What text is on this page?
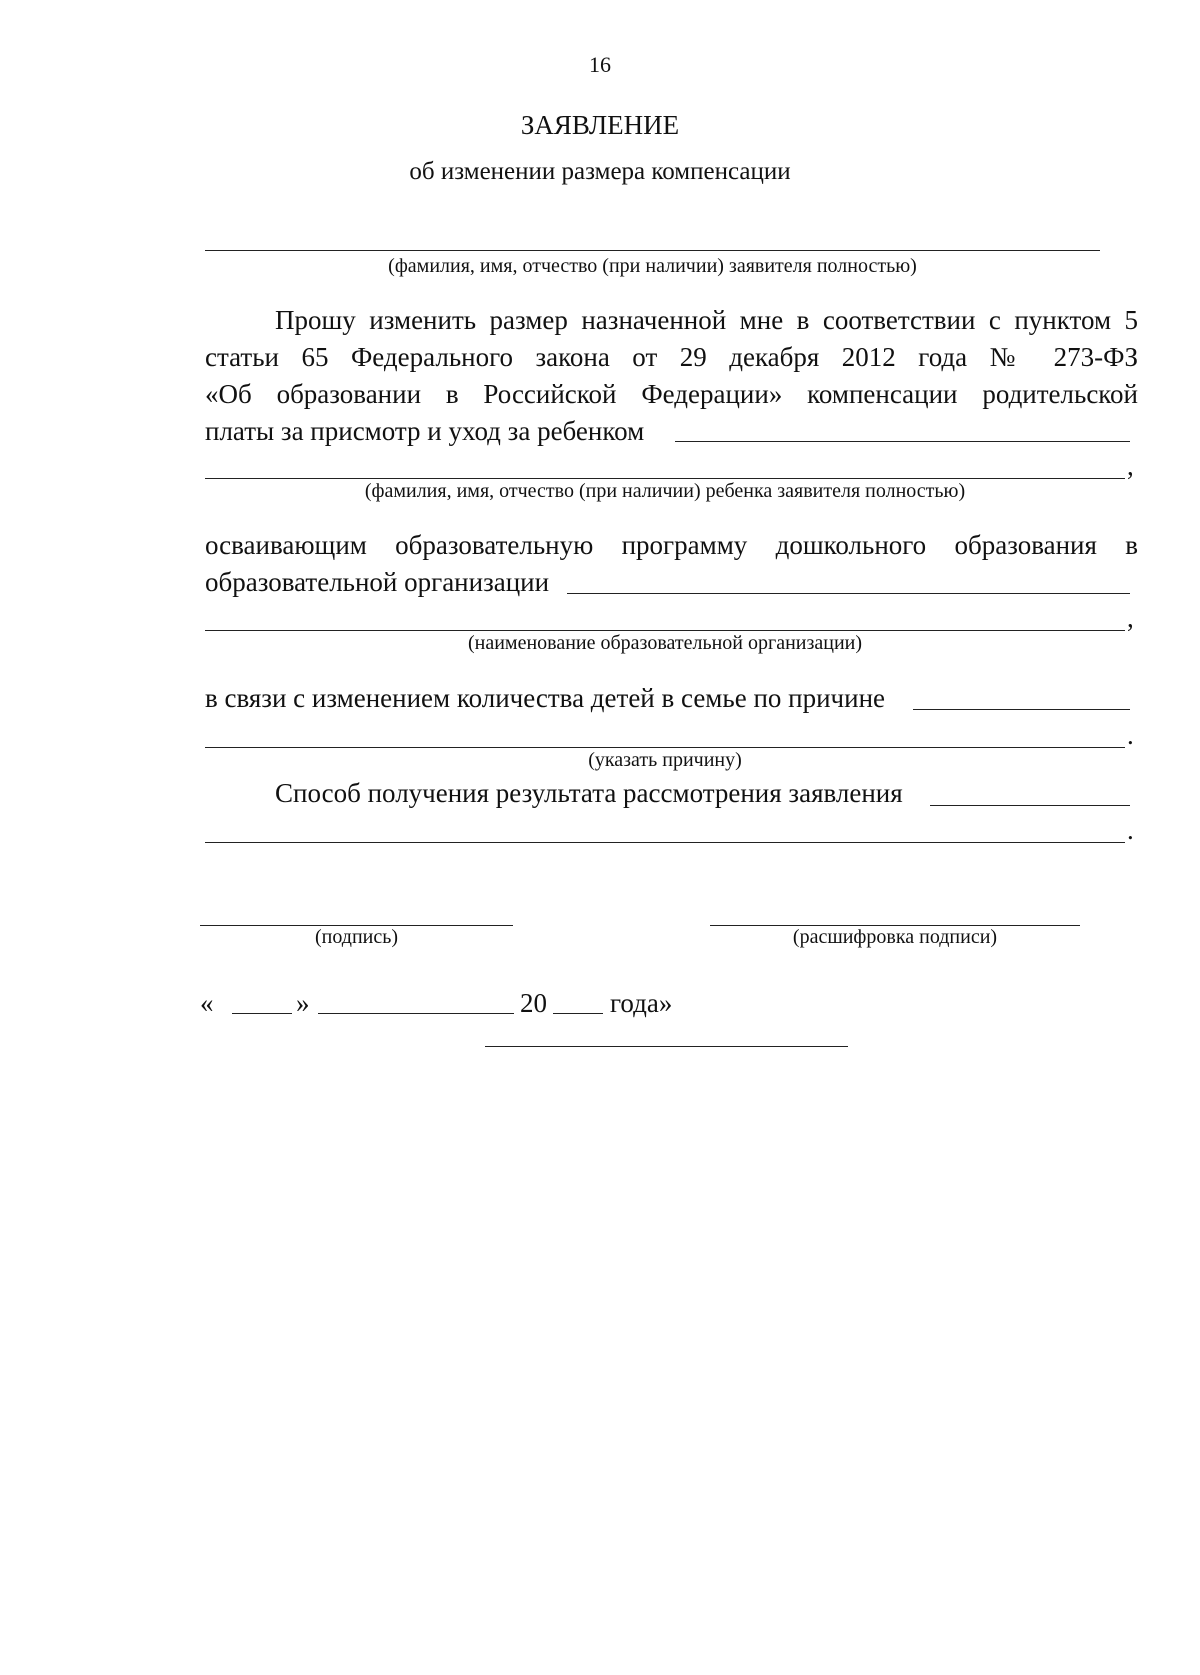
16
ЗАЯВЛЕНИЕ
об изменении размера компенсации
(фамилия, имя, отчество (при наличии) заявителя полностью)
Прошу изменить размер назначенной мне в соответствии с пунктом 5
статьи 65 Федерального закона от 29 декабря 2012 года № 273-ФЗ
«Об образовании в Российской Федерации» компенсации родительской
платы за присмотр и уход за ребенком
,
(фамилия, имя, отчество (при наличии) ребенка заявителя полностью)
осваивающим образовательную программу дошкольного образования в
образовательной организации
,
(наименование образовательной организации)
в связи с изменением количества детей в семье по причине
.
(указать причину)
Способ получения результата рассмотрения заявления
.
(подпись)	(расшифровка подписи)
«	»	20 года»
